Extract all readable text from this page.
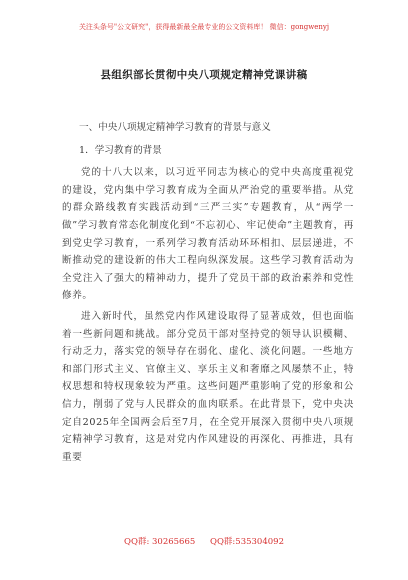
关注头条号"公文研究"，获得最新最全最专业的公文资料库！ 微信：gongwenyj
县组织部长贯彻中央八项规定精神党课讲稿

一、中央八项规定精神学习教育的背景与意义

1．学习教育的背景

党的十八大以来，以习近平同志为核心的党中央高度重视党的建设，党内集中学习教育成为全面从严治党的重要举措。从党的群众路线教育实践活动到“三严三实”专题教育，从“两学一做”学习教育常态化制度化到“不忘初心、牢记使命”主题教育，再到党史学习教育，一系列学习教育活动环环相扣、层层递进，不断推动党的建设新的伟大工程向纵深发展。这些学习教育活动为全党注入了强大的精神动力，提升了党员干部的政治素养和党性修养。

进入新时代，虽然党内作风建设取得了显著成效，但也面临着一些新问题和挑战。部分党员干部对坚持党的领导认识模糊、行动乏力，落实党的领导存在弱化、虚化、淡化问题。一些地方和部门形式主义、官僚主义、享乐主义和奢靡之风屡禁不止，特权思想和特权现象较为严重。这些问题严重影响了党的形象和公信力，削弱了党与人民群众的血肉联系。在此背景下，党中央决定自2025年全国两会后至7月，在全党开展深入贯彻中央八项规定精神学习教育，这是对党内作风建设的再深化、再推进，具有重要

QQ群: 30265665 QQ群:535304092
